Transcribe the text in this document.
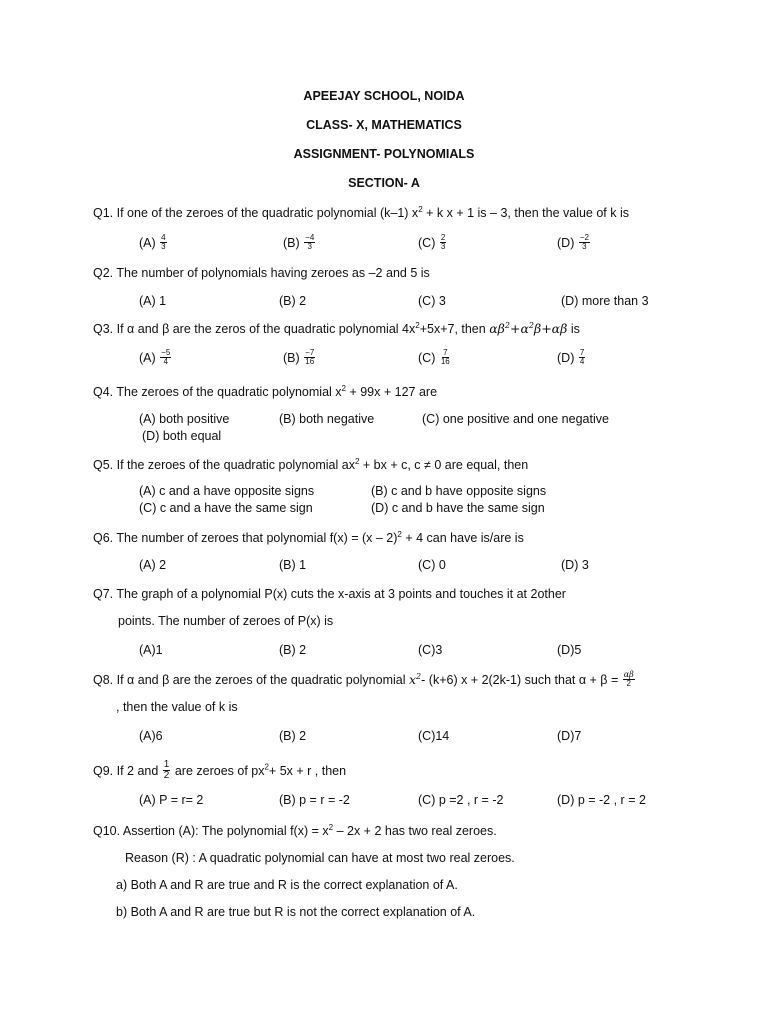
APEEJAY SCHOOL, NOIDA
CLASS- X, MATHEMATICS
ASSIGNMENT- POLYNOMIALS
SECTION- A
Q1. If one of the zeroes of the quadratic polynomial (k–1) $x^2 + k$ x + 1 is – 3, then the value of k is
$(A) \frac{4}{3}$	$(B) \frac{-4}{3}$	$(C) \frac{2}{3}$	$(D) \frac{-2}{3}$
Q2. The number of polynomials having zeroes as –2 and 5 is
(A) 1	(B) 2	(C) 3	(D) more than 3
Q3. If α and β are the zeros of the quadratic polynomial $4x^2+5x+7$, then $\alpha\beta^2+\alpha^2\beta+\alpha\beta$ is
$(A) \frac{-5}{4}$	$(B) \frac{-7}{16}$	$(C) \frac{7}{16}$	$(D) \frac{7}{4}$
Q4. The zeroes of the quadratic polynomial $x^2 + 99x + 127$ are
(A) both positive	(B) both negative	(C) one positive and one negative
(D) both equal
Q5. If the zeroes of the quadratic polynomial $ax^2$ + bx + c, c ≠ 0 are equal, then
(A) c and a have opposite signs	(B) c and b have opposite signs
(C) c and a have the same sign	(D) c and b have the same sign
Q6. The number of zeroes that polynomial f(x) = (x – 2)$^2$ + 4 can have is/are is
(A) 2	(B) 1	(C) 0	(D) 3
Q7. The graph of a polynomial P(x) cuts the x-axis at 3 points and touches it at 2other
points. The number of zeroes of P(x) is
(A)1	(B) 2	(C)3	(D)5
Q8. If α and β are the zeroes of the quadratic polynomial $x^2-$ (k+6) x + 2(2k-1) such that $\alpha + \beta = \frac{\alpha\beta}{2}$
, then the value of k is
(A)6	(B) 2	(C)14	(D)7
Q9. If 2 and $\frac{1}{2}$ are zeroes of $px^2+ 5x + r$ , then
(A) P = r= 2	(B) p = r = -2	(C) p =2 , r = -2	(D) p = -2 , r = 2
Q10. Assertion (A): The polynomial $f(x) = x^2 - 2x + 2$ has two real zeroes.
Reason (R) : A quadratic polynomial can have at most two real zeroes.
a) Both A and R are true and R is the correct explanation of A.
b) Both A and R are true but R is not the correct explanation of A.
